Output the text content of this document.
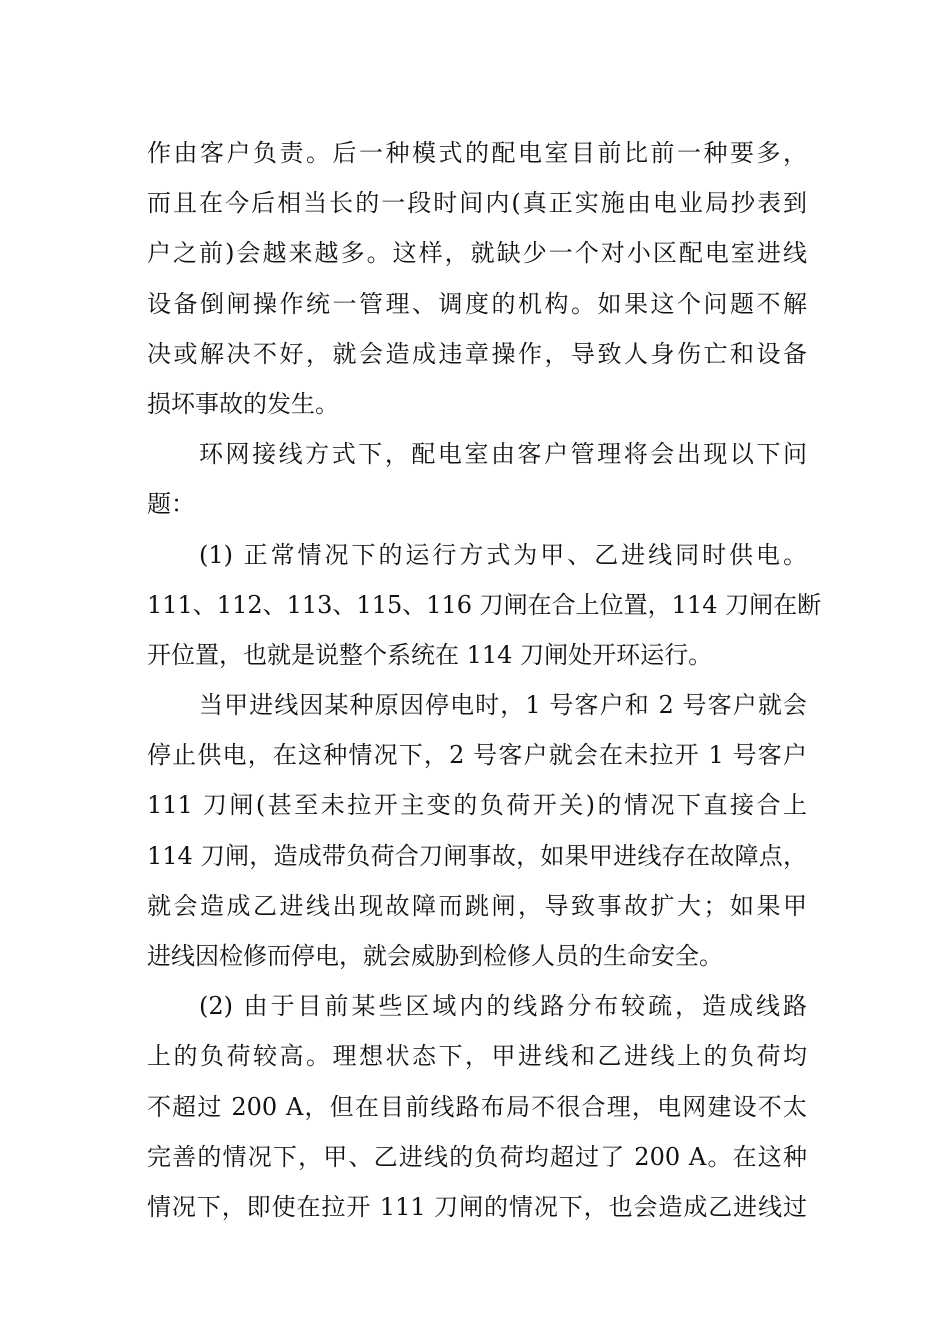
作由客户负责。后一种模式的配电室目前比前一种要多，
而且在今后相当长的一段时间内(真正实施由电业局抄表到
户之前)会越来越多。这样，就缺少一个对小区配电室进线
设备倒闸操作统一管理、调度的机构。如果这个问题不解
决或解决不好，就会造成违章操作，导致人身伤亡和设备
损坏事故的发生。
环网接线方式下，配电室由客户管理将会出现以下问
题：
(1) 正常情况下的运行方式为甲、乙进线同时供电。
111、112、113、115、116 刀闸在合上位置，114 刀闸在断
开位置，也就是说整个系统在 114 刀闸处开环运行。
当甲进线因某种原因停电时，1 号客户和 2 号客户就会
停止供电，在这种情况下，2 号客户就会在未拉开 1 号客户
111 刀闸(甚至未拉开主变的负荷开关)的情况下直接合上
114 刀闸，造成带负荷合刀闸事故，如果甲进线存在故障点，
就会造成乙进线出现故障而跳闸，导致事故扩大；如果甲
进线因检修而停电，就会威胁到检修人员的生命安全。
(2) 由于目前某些区域内的线路分布较疏，造成线路
上的负荷较高。理想状态下，甲进线和乙进线上的负荷均
不超过 200 A，但在目前线路布局不很合理，电网建设不太
完善的情况下，甲、乙进线的负荷均超过了 200 A。在这种
情况下，即使在拉开 111 刀闸的情况下，也会造成乙进线过
